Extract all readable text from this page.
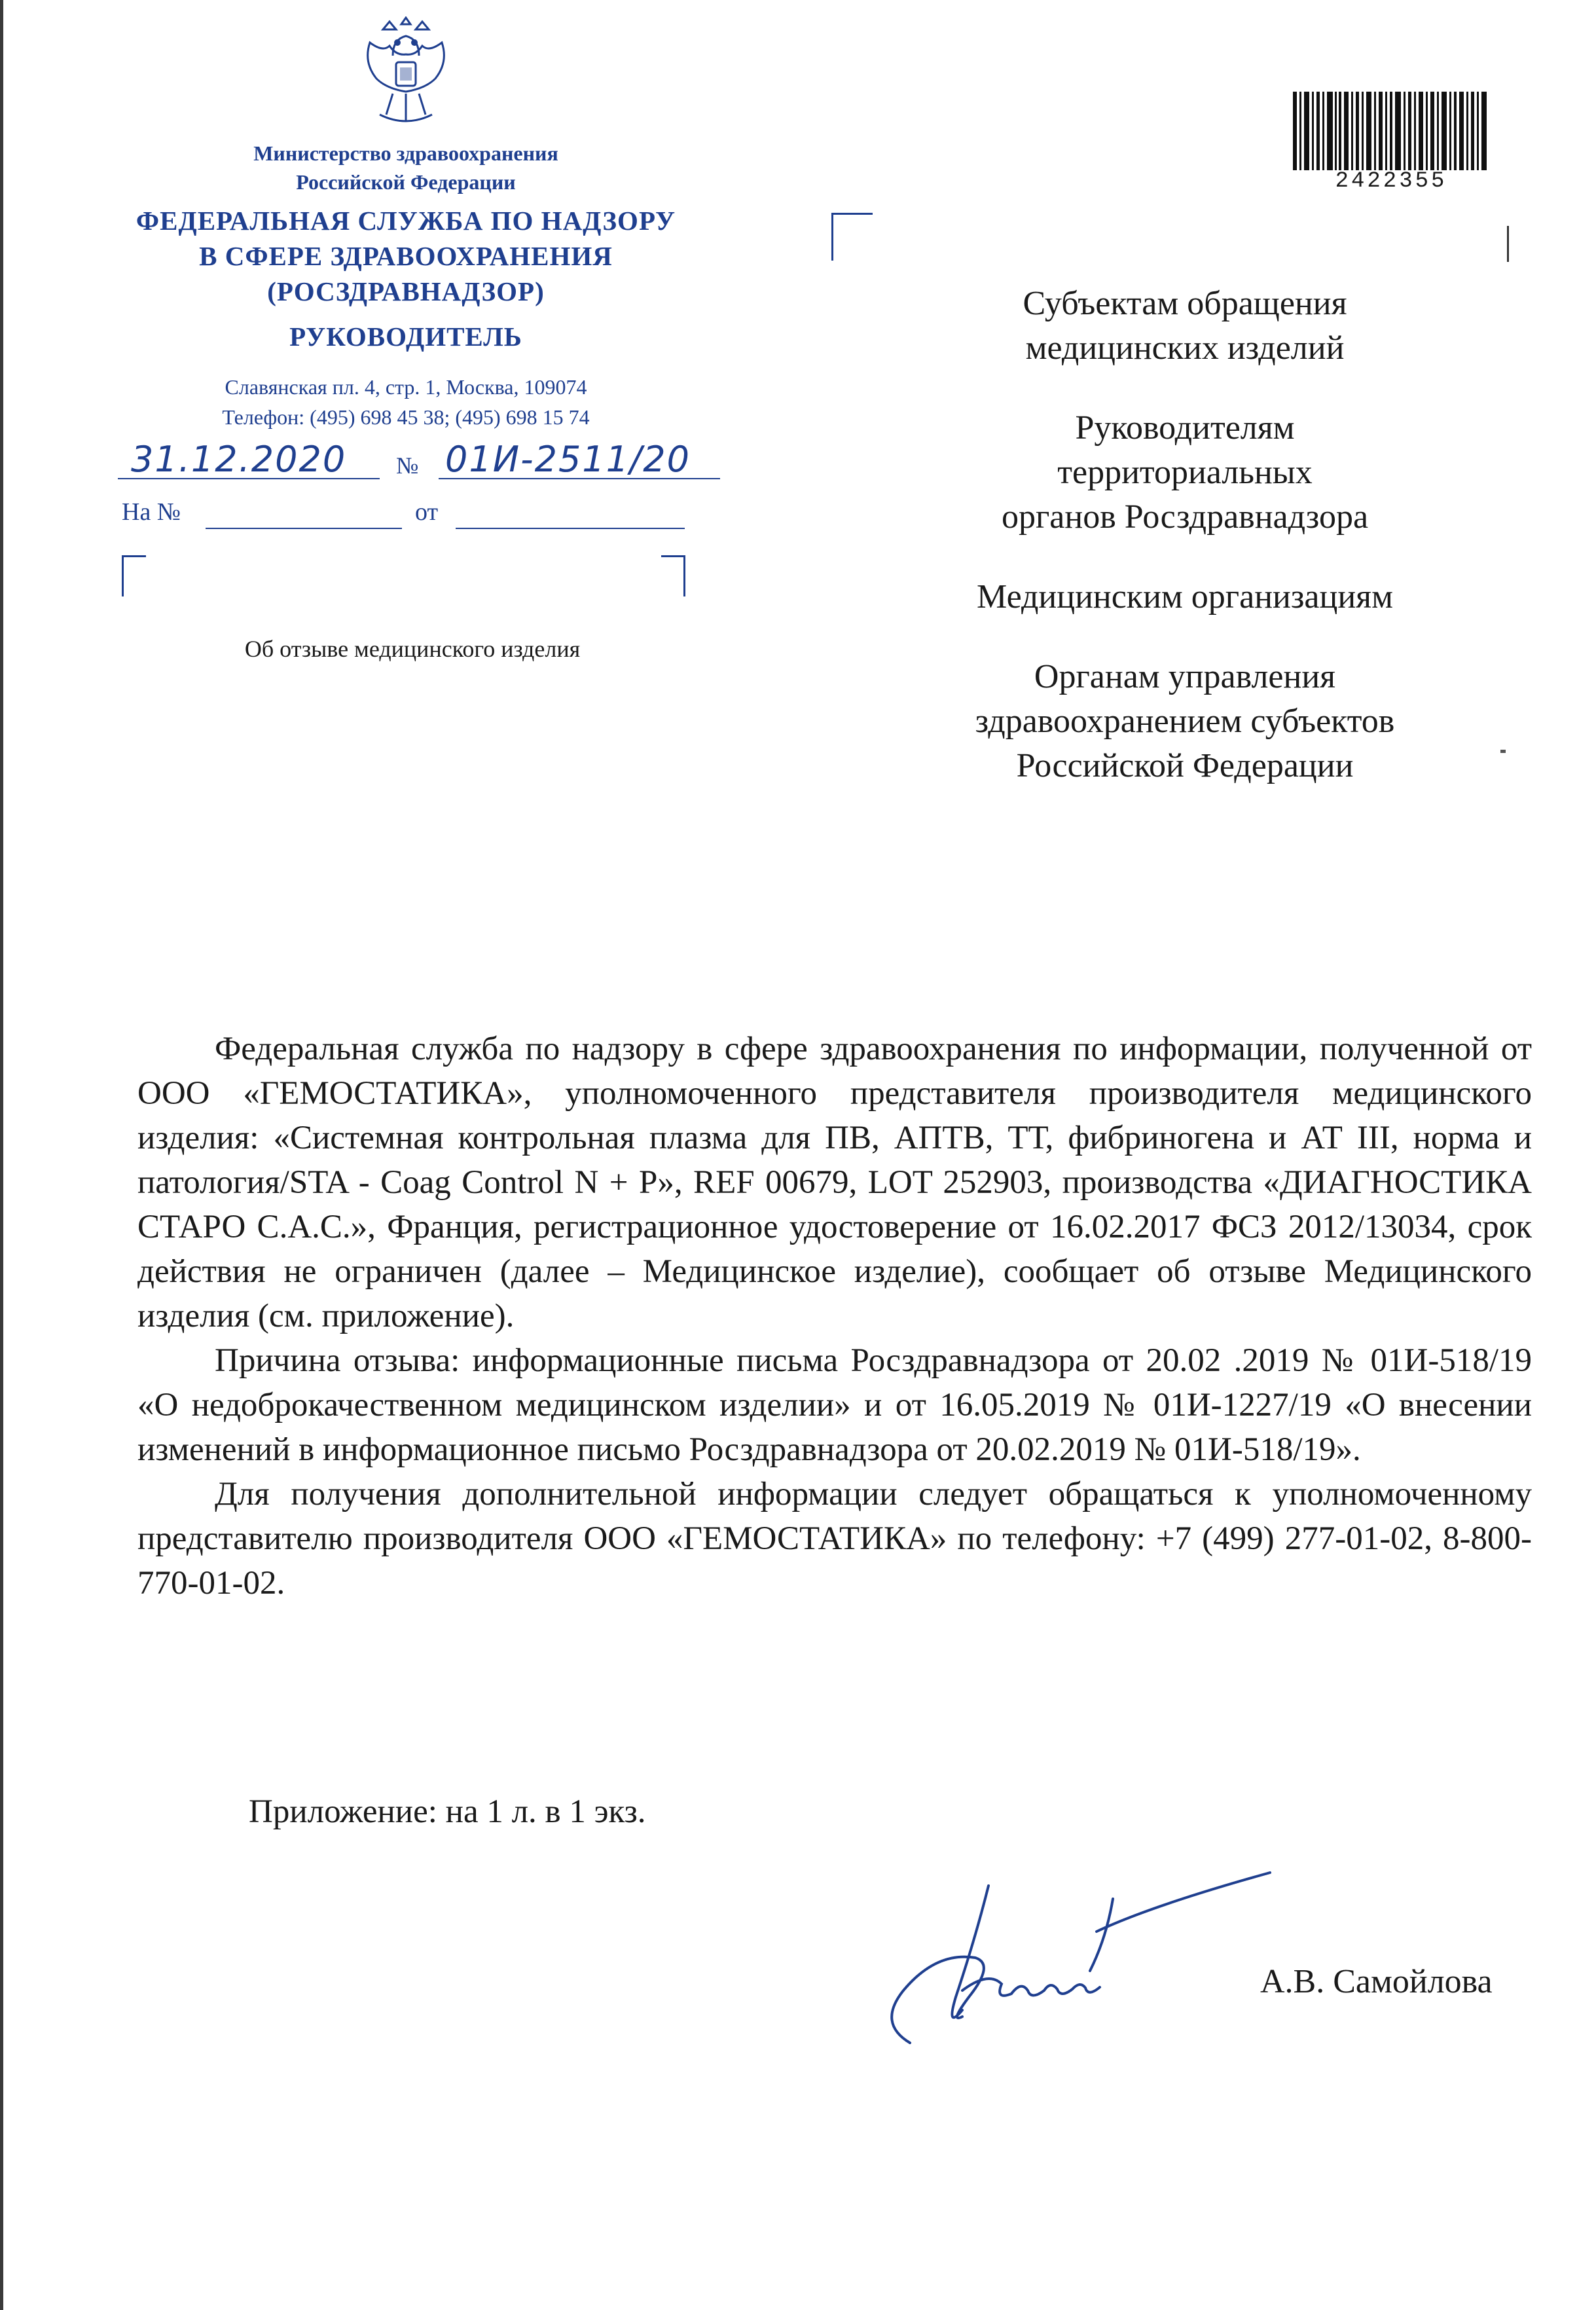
Министерство здравоохранения
Российской Федерации
ФЕДЕРАЛЬНАЯ СЛУЖБА ПО НАДЗОРУ
В СФЕРЕ ЗДРАВООХРАНЕНИЯ
(РОСЗДРАВНАДЗОР)
РУКОВОДИТЕЛЬ
Славянская пл. 4, стр. 1, Москва, 109074
Телефон: (495) 698 45 38; (495) 698 15 74
31.12.2020 № 01И-2511/20
На №	от
Об отзыве медицинского изделия
2422355

Субъектам обращения
медицинских изделий

Руководителям
территориальных
органов Росздравнадзора

Медицинским организациям

Органам управления
здравоохранением субъектов
Российской Федерации

Федеральная служба по надзору в сфере здравоохранения по информации, полученной от ООО «ГЕМОСТАТИКА», уполномоченного представителя производителя медицинского изделия: «Системная контрольная плазма для ПВ, АПТВ, ТТ, фибриногена и АТ III, норма и патология/STA - Coag Control N + P», REF 00679, LOT 252903, производства «ДИАГНОСТИКА СТАРО С.А.С.», Франция, регистрационное удостоверение от 16.02.2017 ФСЗ 2012/13034, срок действия не ограничен (далее – Медицинское изделие), сообщает об отзыве Медицинского изделия (см. приложение).

Причина отзыва: информационные письма Росздравнадзора от 20.02 .2019 № 01И-518/19 «О недоброкачественном медицинском изделии» и от 16.05.2019 № 01И-1227/19 «О внесении изменений в информационное письмо Росздравнадзора от 20.02.2019 № 01И-518/19».

Для получения дополнительной информации следует обращаться к уполномоченному представителю производителя ООО «ГЕМОСТАТИКА» по телефону: +7 (499) 277-01-02, 8-800-770-01-02.

Приложение: на 1 л. в 1 экз.
А.В. Самойлова
